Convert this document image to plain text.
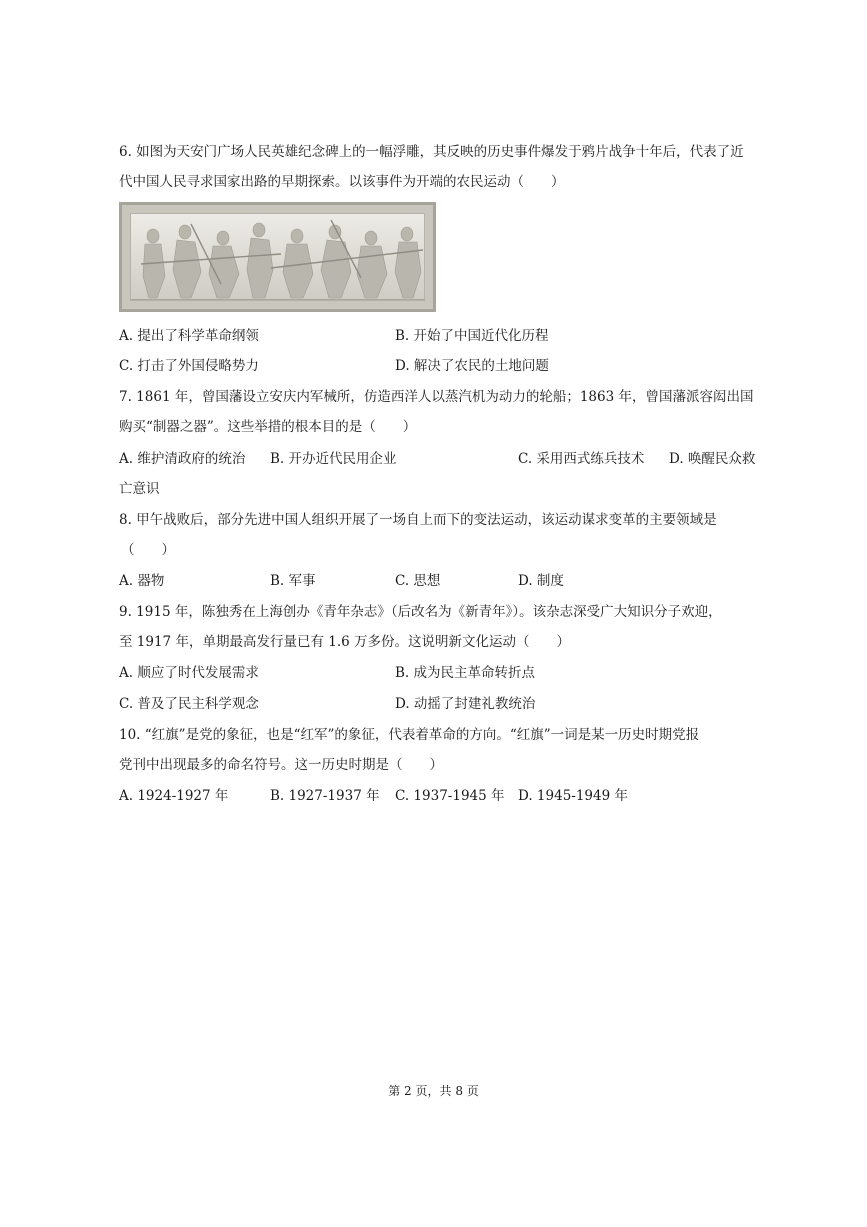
6. 如图为天安门广场人民英雄纪念碑上的一幅浮雕，其反映的历史事件爆发于鸦片战争十年后，代表了近
代中国人民寻求国家出路的早期探索。以该事件为开端的农民运动（　　）
A. 提出了科学革命纲领	B. 开始了中国近代化历程
C. 打击了外国侵略势力	D. 解决了农民的土地问题
7. 1861 年，曾国藩设立安庆内军械所，仿造西洋人以蒸汽机为动力的轮船；1863 年，曾国藩派容闳出国
购买“制器之器”。这些举措的根本目的是（　　）
A. 维护清政府的统治 B. 开办近代民用企业	C. 采用西式练兵技术 D. 唤醒民众救
亡意识
8. 甲午战败后，部分先进中国人组织开展了一场自上而下的变法运动，该运动谋求变革的主要领域是
（　　）
A. 器物	B. 军事	C. 思想	D. 制度
9. 1915 年，陈独秀在上海创办《青年杂志》（后改名为《新青年》）。该杂志深受广大知识分子欢迎，
至 1917 年，单期最高发行量已有 1.6 万多份。这说明新文化运动（　　）
A. 顺应了时代发展需求	B. 成为民主革命转折点
C. 普及了民主科学观念	D. 动摇了封建礼教统治
10. “红旗”是党的象征，也是“红军”的象征，代表着革命的方向。“红旗”一词是某一历史时期党报
党刊中出现最多的命名符号。这一历史时期是（　　）
A. 1924-1927 年	B. 1927-1937 年 C. 1937-1945 年 D. 1945-1949 年
第 2 页，共 8 页
